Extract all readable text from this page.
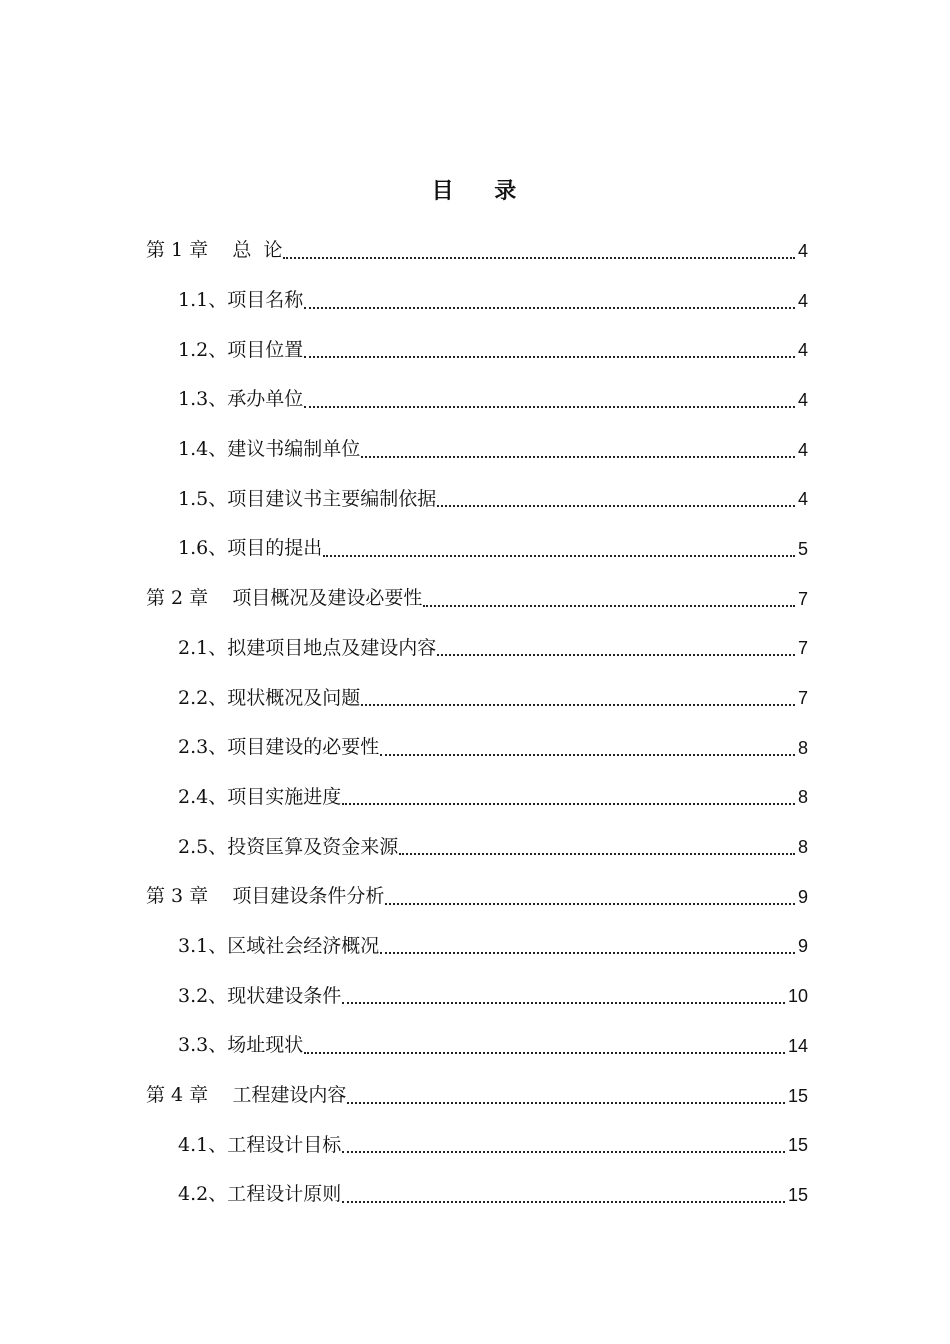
目    录
第 1 章    总  论	4
1.1、项目名称	4
1.2、项目位置	4
1.3、承办单位	4
1.4、建议书编制单位	4
1.5、项目建议书主要编制依据	4
1.6、项目的提出	5
第 2 章    项目概况及建设必要性	7
2.1、拟建项目地点及建设内容	7
2.2、现状概况及问题	7
2.3、项目建设的必要性	8
2.4、项目实施进度	8
2.5、投资匡算及资金来源	8
第 3 章    项目建设条件分析	9
3.1、区域社会经济概况	9
3.2、现状建设条件	10
3.3、场址现状	14
第 4 章    工程建设内容	15
4.1、工程设计目标	15
4.2、工程设计原则	15
